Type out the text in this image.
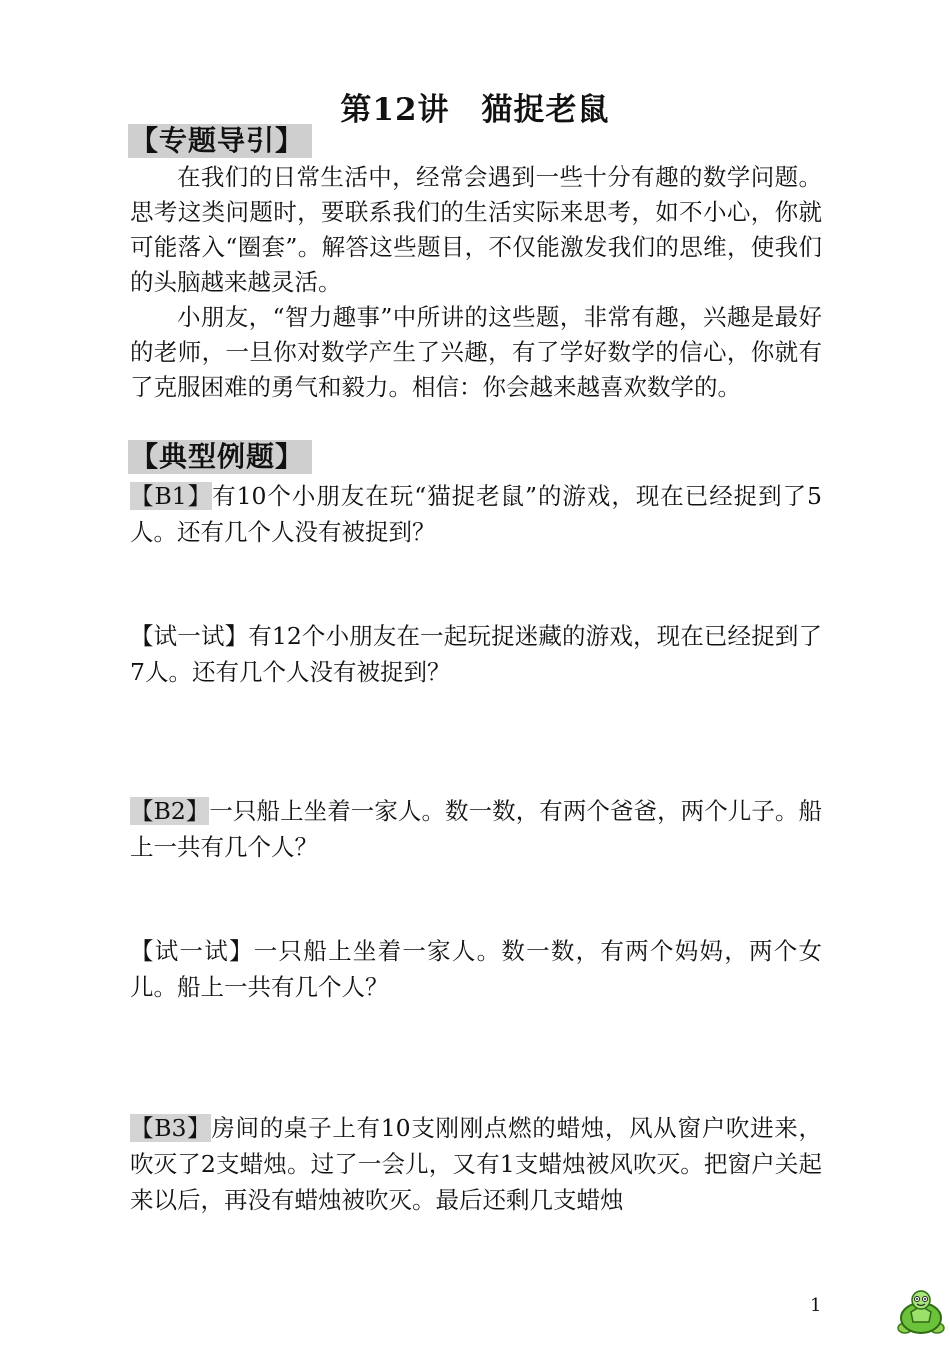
第12讲　猫捉老鼠
【专题导引】
在我们的日常生活中，经常会遇到一些十分有趣的数学问题。思考这类问题时，要联系我们的生活实际来思考，如不小心，你就可能落入“圈套”。解答这些题目，不仅能激发我们的思维，使我们的头脑越来越灵活。
小朋友，“智力趣事”中所讲的这些题，非常有趣，兴趣是最好的老师，一旦你对数学产生了兴趣，有了学好数学的信心，你就有了克服困难的勇气和毅力。相信：你会越来越喜欢数学的。
【典型例题】
【B1】有10个小朋友在玩“猫捉老鼠”的游戏，现在已经捉到了5人。还有几个人没有被捉到？
【试一试】有12个小朋友在一起玩捉迷藏的游戏，现在已经捉到了7人。还有几个人没有被捉到？
【B2】一只船上坐着一家人。数一数，有两个爸爸，两个儿子。船上一共有几个人？
【试一试】一只船上坐着一家人。数一数，有两个妈妈，两个女儿。船上一共有几个人？
【B3】房间的桌子上有10支刚刚点燃的蜡烛，风从窗户吹进来，吹灭了2支蜡烛。过了一会儿，又有1支蜡烛被风吹灭。把窗户关起来以后，再没有蜡烛被吹灭。最后还剩几支蜡烛
1
